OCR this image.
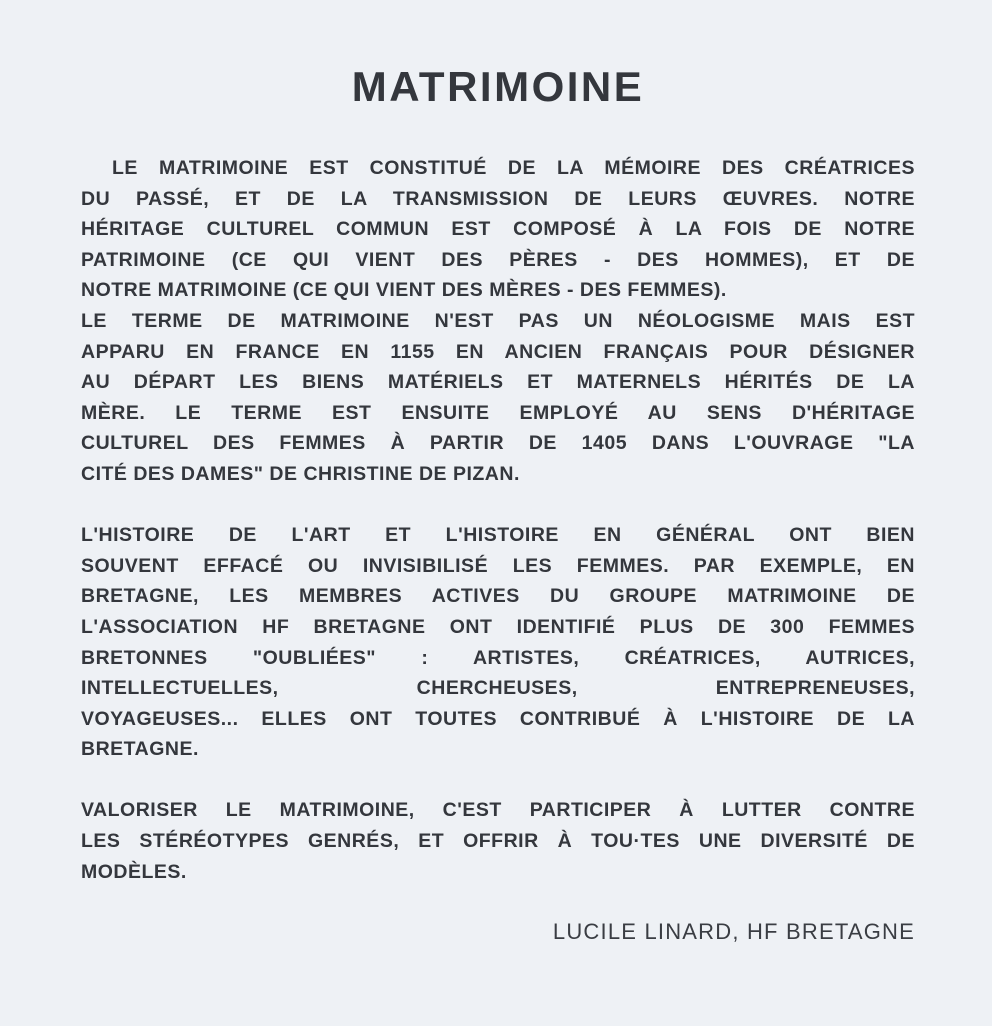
MATRIMOINE
LE MATRIMOINE EST CONSTITUÉ DE LA MÉMOIRE DES CRÉATRICES
DU PASSÉ, ET DE LA TRANSMISSION DE LEURS ŒUVRES. NOTRE
HÉRITAGE CULTUREL COMMUN EST COMPOSÉ À LA FOIS DE NOTRE
PATRIMOINE (CE QUI VIENT DES PÈRES - DES HOMMES), ET DE
NOTRE MATRIMOINE (CE QUI VIENT DES MÈRES - DES FEMMES).
LE TERME DE MATRIMOINE N'EST PAS UN NÉOLOGISME MAIS EST
APPARU EN FRANCE EN 1155 EN ANCIEN FRANÇAIS POUR DÉSIGNER
AU DÉPART LES BIENS MATÉRIELS ET MATERNELS HÉRITÉS DE LA
MÈRE. LE TERME EST ENSUITE EMPLOYÉ AU SENS D'HÉRITAGE
CULTUREL DES FEMMES À PARTIR DE 1405 DANS L'OUVRAGE "LA
CITÉ DES DAMES" DE CHRISTINE DE PIZAN.
L'HISTOIRE DE L'ART ET L'HISTOIRE EN GÉNÉRAL ONT BIEN
SOUVENT EFFACÉ OU INVISIBILISÉ LES FEMMES. PAR EXEMPLE, EN
BRETAGNE, LES MEMBRES ACTIVES DU GROUPE MATRIMOINE DE
L'ASSOCIATION HF BRETAGNE ONT IDENTIFIÉ PLUS DE 300 FEMMES
BRETONNES "OUBLIÉES" : ARTISTES, CRÉATRICES, AUTRICES,
INTELLECTUELLES, CHERCHEUSES, ENTREPRENEUSES,
VOYAGEUSES... ELLES ONT TOUTES CONTRIBUÉ À L'HISTOIRE DE LA
BRETAGNE.
VALORISER LE MATRIMOINE, C'EST PARTICIPER À LUTTER CONTRE
LES STÉRÉOTYPES GENRÉS, ET OFFRIR À TOU·TES UNE DIVERSITÉ DE
MODÈLES.
LUCILE LINARD, HF BRETAGNE
